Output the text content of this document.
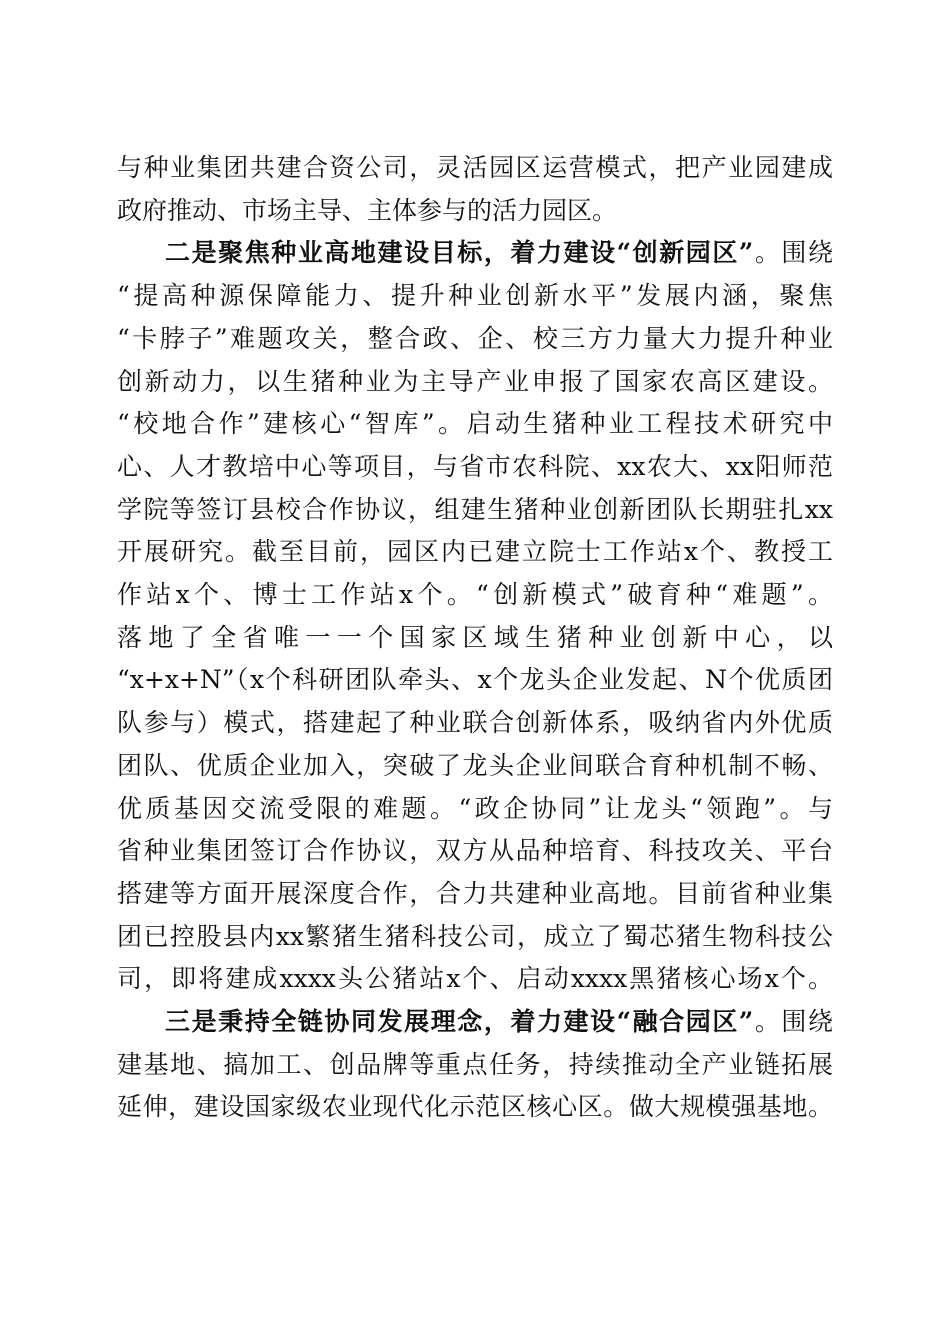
与种业集团共建合资公司，灵活园区运营模式，把产业园建成
政府推动、市场主导、主体参与的活力园区。
二是聚焦种业高地建设目标，着力建设“创新园区”。围绕
“提高种源保障能力、提升种业创新水平”发展内涵，聚焦
“卡脖子”难题攻关，整合政、企、校三方力量大力提升种业
创新动力，以生猪种业为主导产业申报了国家农高区建设。
“校地合作”建核心“智库”。启动生猪种业工程技术研究中
心、人才教培中心等项目，与省市农科院、xx农大、xx阳师范
学院等签订县校合作协议，组建生猪种业创新团队长期驻扎xx
开展研究。截至目前，园区内已建立院士工作站x个、教授工
作站x个、博士工作站x个。“创新模式”破育种“难题”。
落地了全省唯一一个国家区域生猪种业创新中心，以
“x+x+N”（x个科研团队牵头、x个龙头企业发起、N个优质团
队参与）模式，搭建起了种业联合创新体系，吸纳省内外优质
团队、优质企业加入，突破了龙头企业间联合育种机制不畅、
优质基因交流受限的难题。“政企协同”让龙头“领跑”。与
省种业集团签订合作协议，双方从品种培育、科技攻关、平台
搭建等方面开展深度合作，合力共建种业高地。目前省种业集
团已控股县内xx繁猪生猪科技公司，成立了蜀芯猪生物科技公
司，即将建成xxxx头公猪站x个、启动xxxx黑猪核心场x个。
三是秉持全链协同发展理念，着力建设“融合园区”。围绕
建基地、搞加工、创品牌等重点任务，持续推动全产业链拓展
延伸，建设国家级农业现代化示范区核心区。做大规模强基地。
